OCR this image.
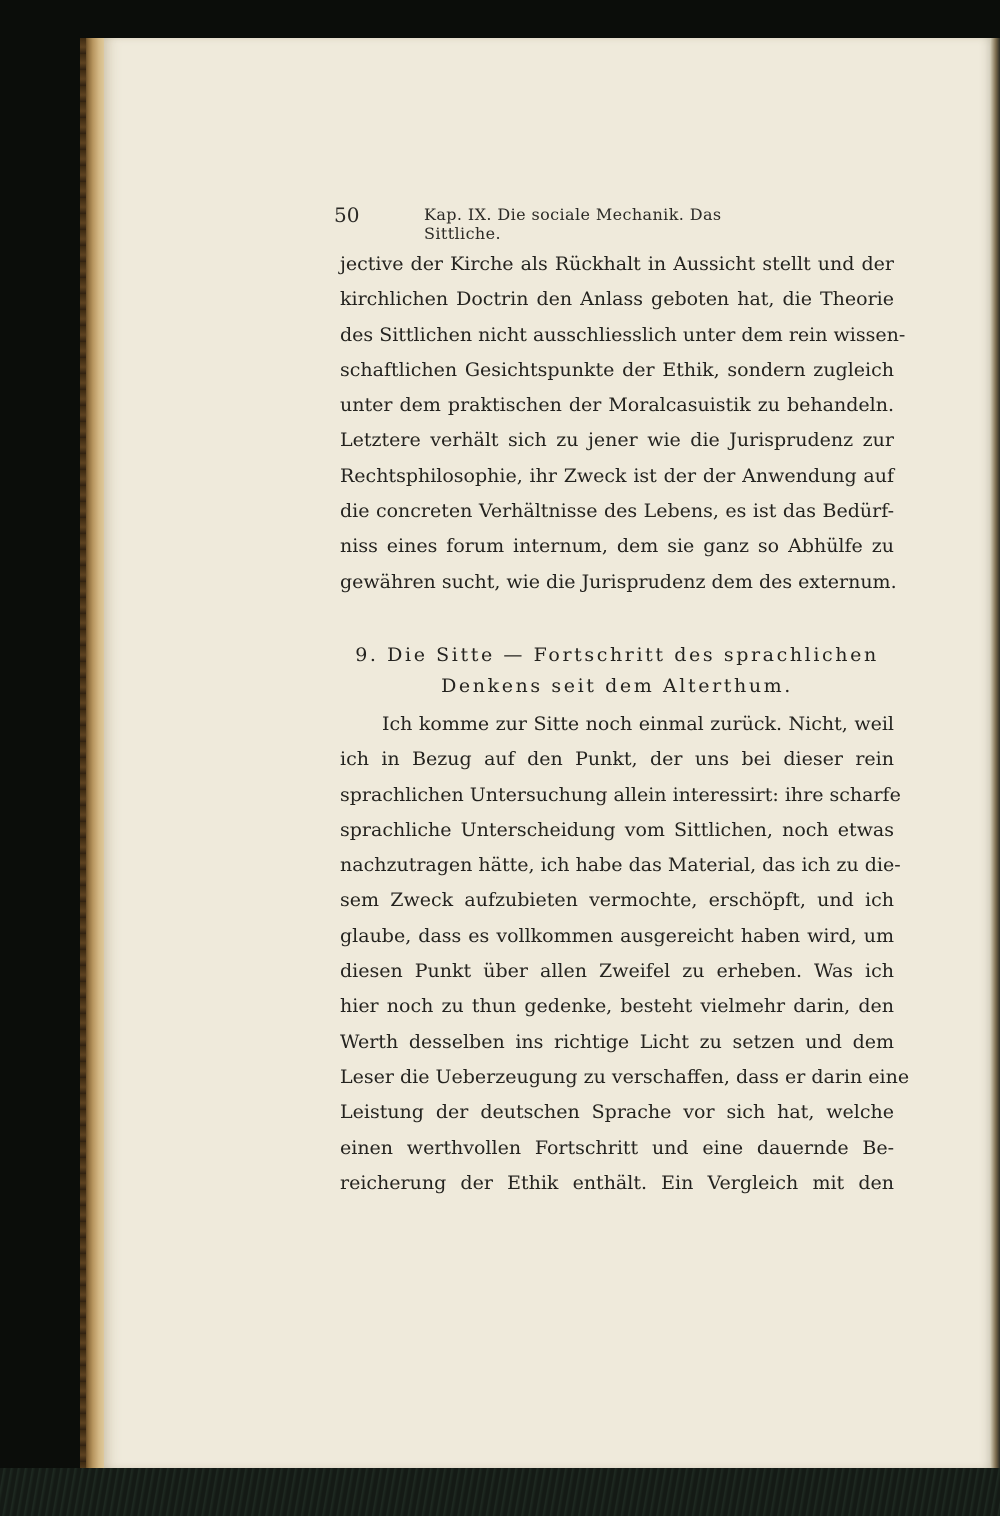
50	Kap. IX. Die sociale Mechanik. Das Sittliche.
jective der Kirche als Rückhalt in Aussicht stellt und der
kirchlichen Doctrin den Anlass geboten hat, die Theorie
des Sittlichen nicht ausschliesslich unter dem rein wissen-
schaftlichen Gesichtspunkte der Ethik, sondern zugleich
unter dem praktischen der Moralcasuistik zu behandeln.
Letztere verhält sich zu jener wie die Jurisprudenz zur
Rechtsphilosophie, ihr Zweck ist der der Anwendung auf
die concreten Verhältnisse des Lebens, es ist das Bedürf-
niss eines forum internum, dem sie ganz so Abhülfe zu
gewähren sucht, wie die Jurisprudenz dem des externum.
9. Die Sitte — Fortschritt des sprachlichen
Denkens seit dem Alterthum.
Ich komme zur Sitte noch einmal zurück. Nicht, weil
ich in Bezug auf den Punkt, der uns bei dieser rein
sprachlichen Untersuchung allein interessirt: ihre scharfe
sprachliche Unterscheidung vom Sittlichen, noch etwas
nachzutragen hätte, ich habe das Material, das ich zu die-
sem Zweck aufzubieten vermochte, erschöpft, und ich
glaube, dass es vollkommen ausgereicht haben wird, um
diesen Punkt über allen Zweifel zu erheben. Was ich
hier noch zu thun gedenke, besteht vielmehr darin, den
Werth desselben ins richtige Licht zu setzen und dem
Leser die Ueberzeugung zu verschaffen, dass er darin eine
Leistung der deutschen Sprache vor sich hat, welche
einen werthvollen Fortschritt und eine dauernde Be-
reicherung der Ethik enthält. Ein Vergleich mit den
